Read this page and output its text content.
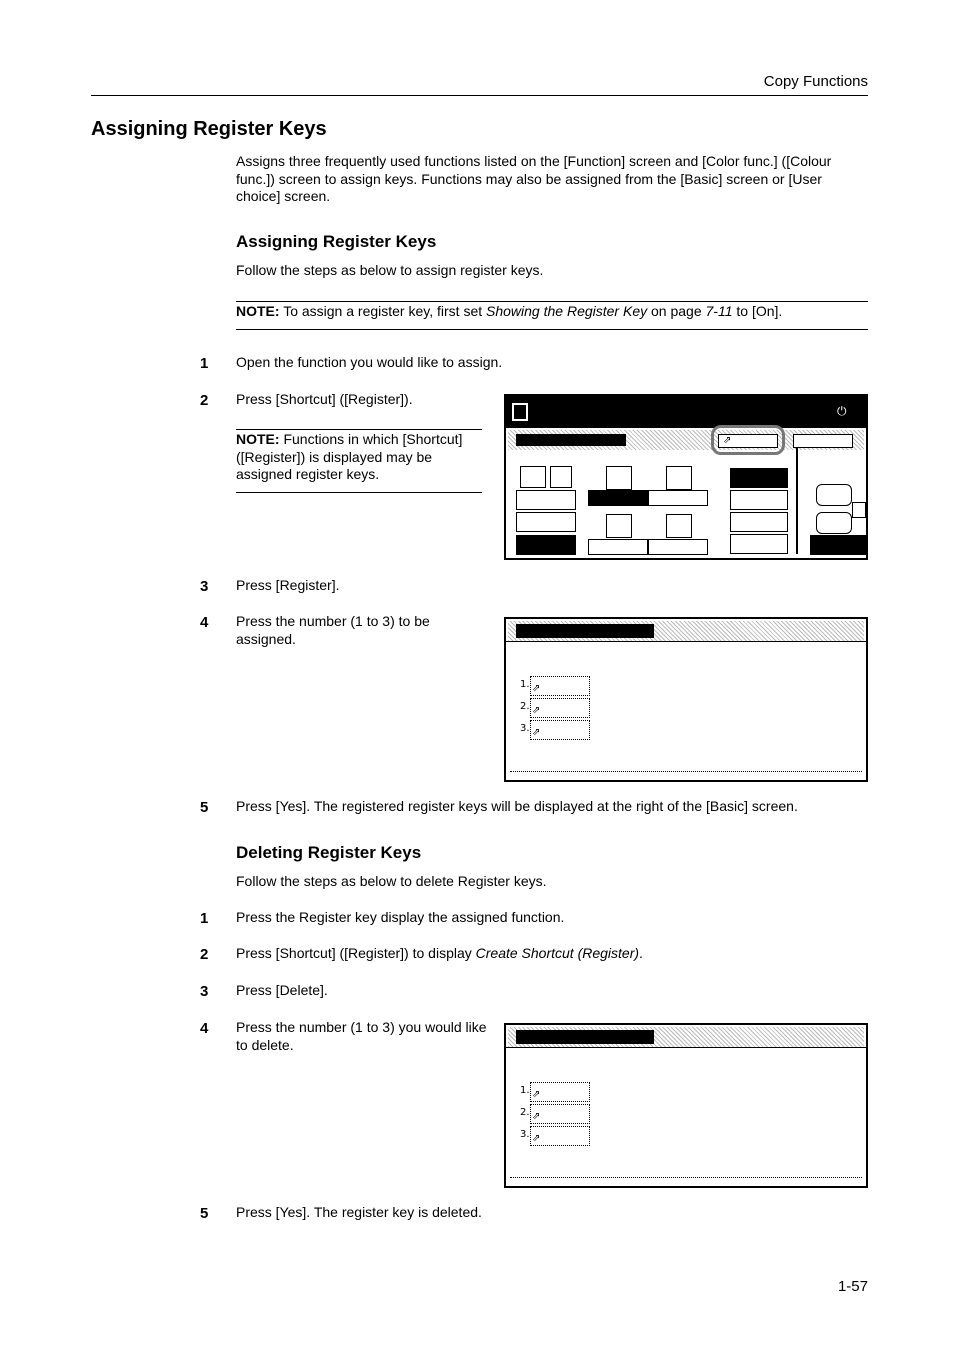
Copy Functions
Assigning Register Keys
Assigns three frequently used functions listed on the [Function] screen and [Color func.] ([Colour func.]) screen to assign keys. Functions may also be assigned from the [Basic] screen or [User choice] screen.
Assigning Register Keys
Follow the steps as below to assign register keys.
NOTE: To assign a register key, first set Showing the Register Key on page 7-11 to [On].
1 Open the function you would like to assign.
2 Press [Shortcut] ([Register]).
NOTE: Functions in which [Shortcut] ([Register]) is displayed may be assigned register keys.
⏻
⇗
3 Press [Register].
4 Press the number (1 to 3) to be assigned.
1. ⇗
2. ⇗
3. ⇗
5 Press [Yes]. The registered register keys will be displayed at the right of the [Basic] screen.
Deleting Register Keys
Follow the steps as below to delete Register keys.
1 Press the Register key display the assigned function.
2 Press [Shortcut] ([Register]) to display Create Shortcut (Register).
3 Press [Delete].
4 Press the number (1 to 3) you would like to delete.
1. ⇗
2. ⇗
3. ⇗
5 Press [Yes]. The register key is deleted.
1-57
